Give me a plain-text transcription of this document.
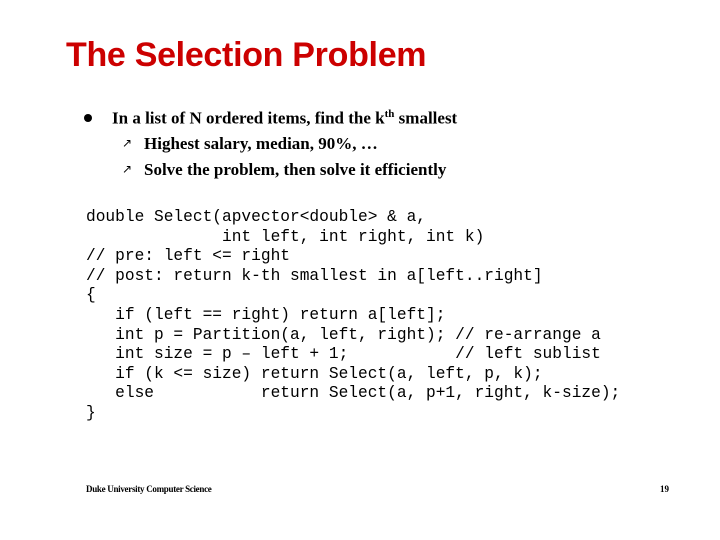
The Selection Problem
In a list of N ordered items, find the $k^{th}$ smallest
↗ Highest salary, median, 90%, …
↗ Solve the problem, then solve it efficiently
double Select(apvector<double> & a,
int left, int right, int k)
// pre: left <= right
// post: return k-th smallest in a[left..right]
{
if (left == right) return a[left];
int p = Partition(a, left, right); // re-arrange a
int size = p – left + 1;           // left sublist
if (k <= size) return Select(a, left, p, k);
else           return Select(a, p+1, right, k-size);
}
Duke University Computer Science	19
